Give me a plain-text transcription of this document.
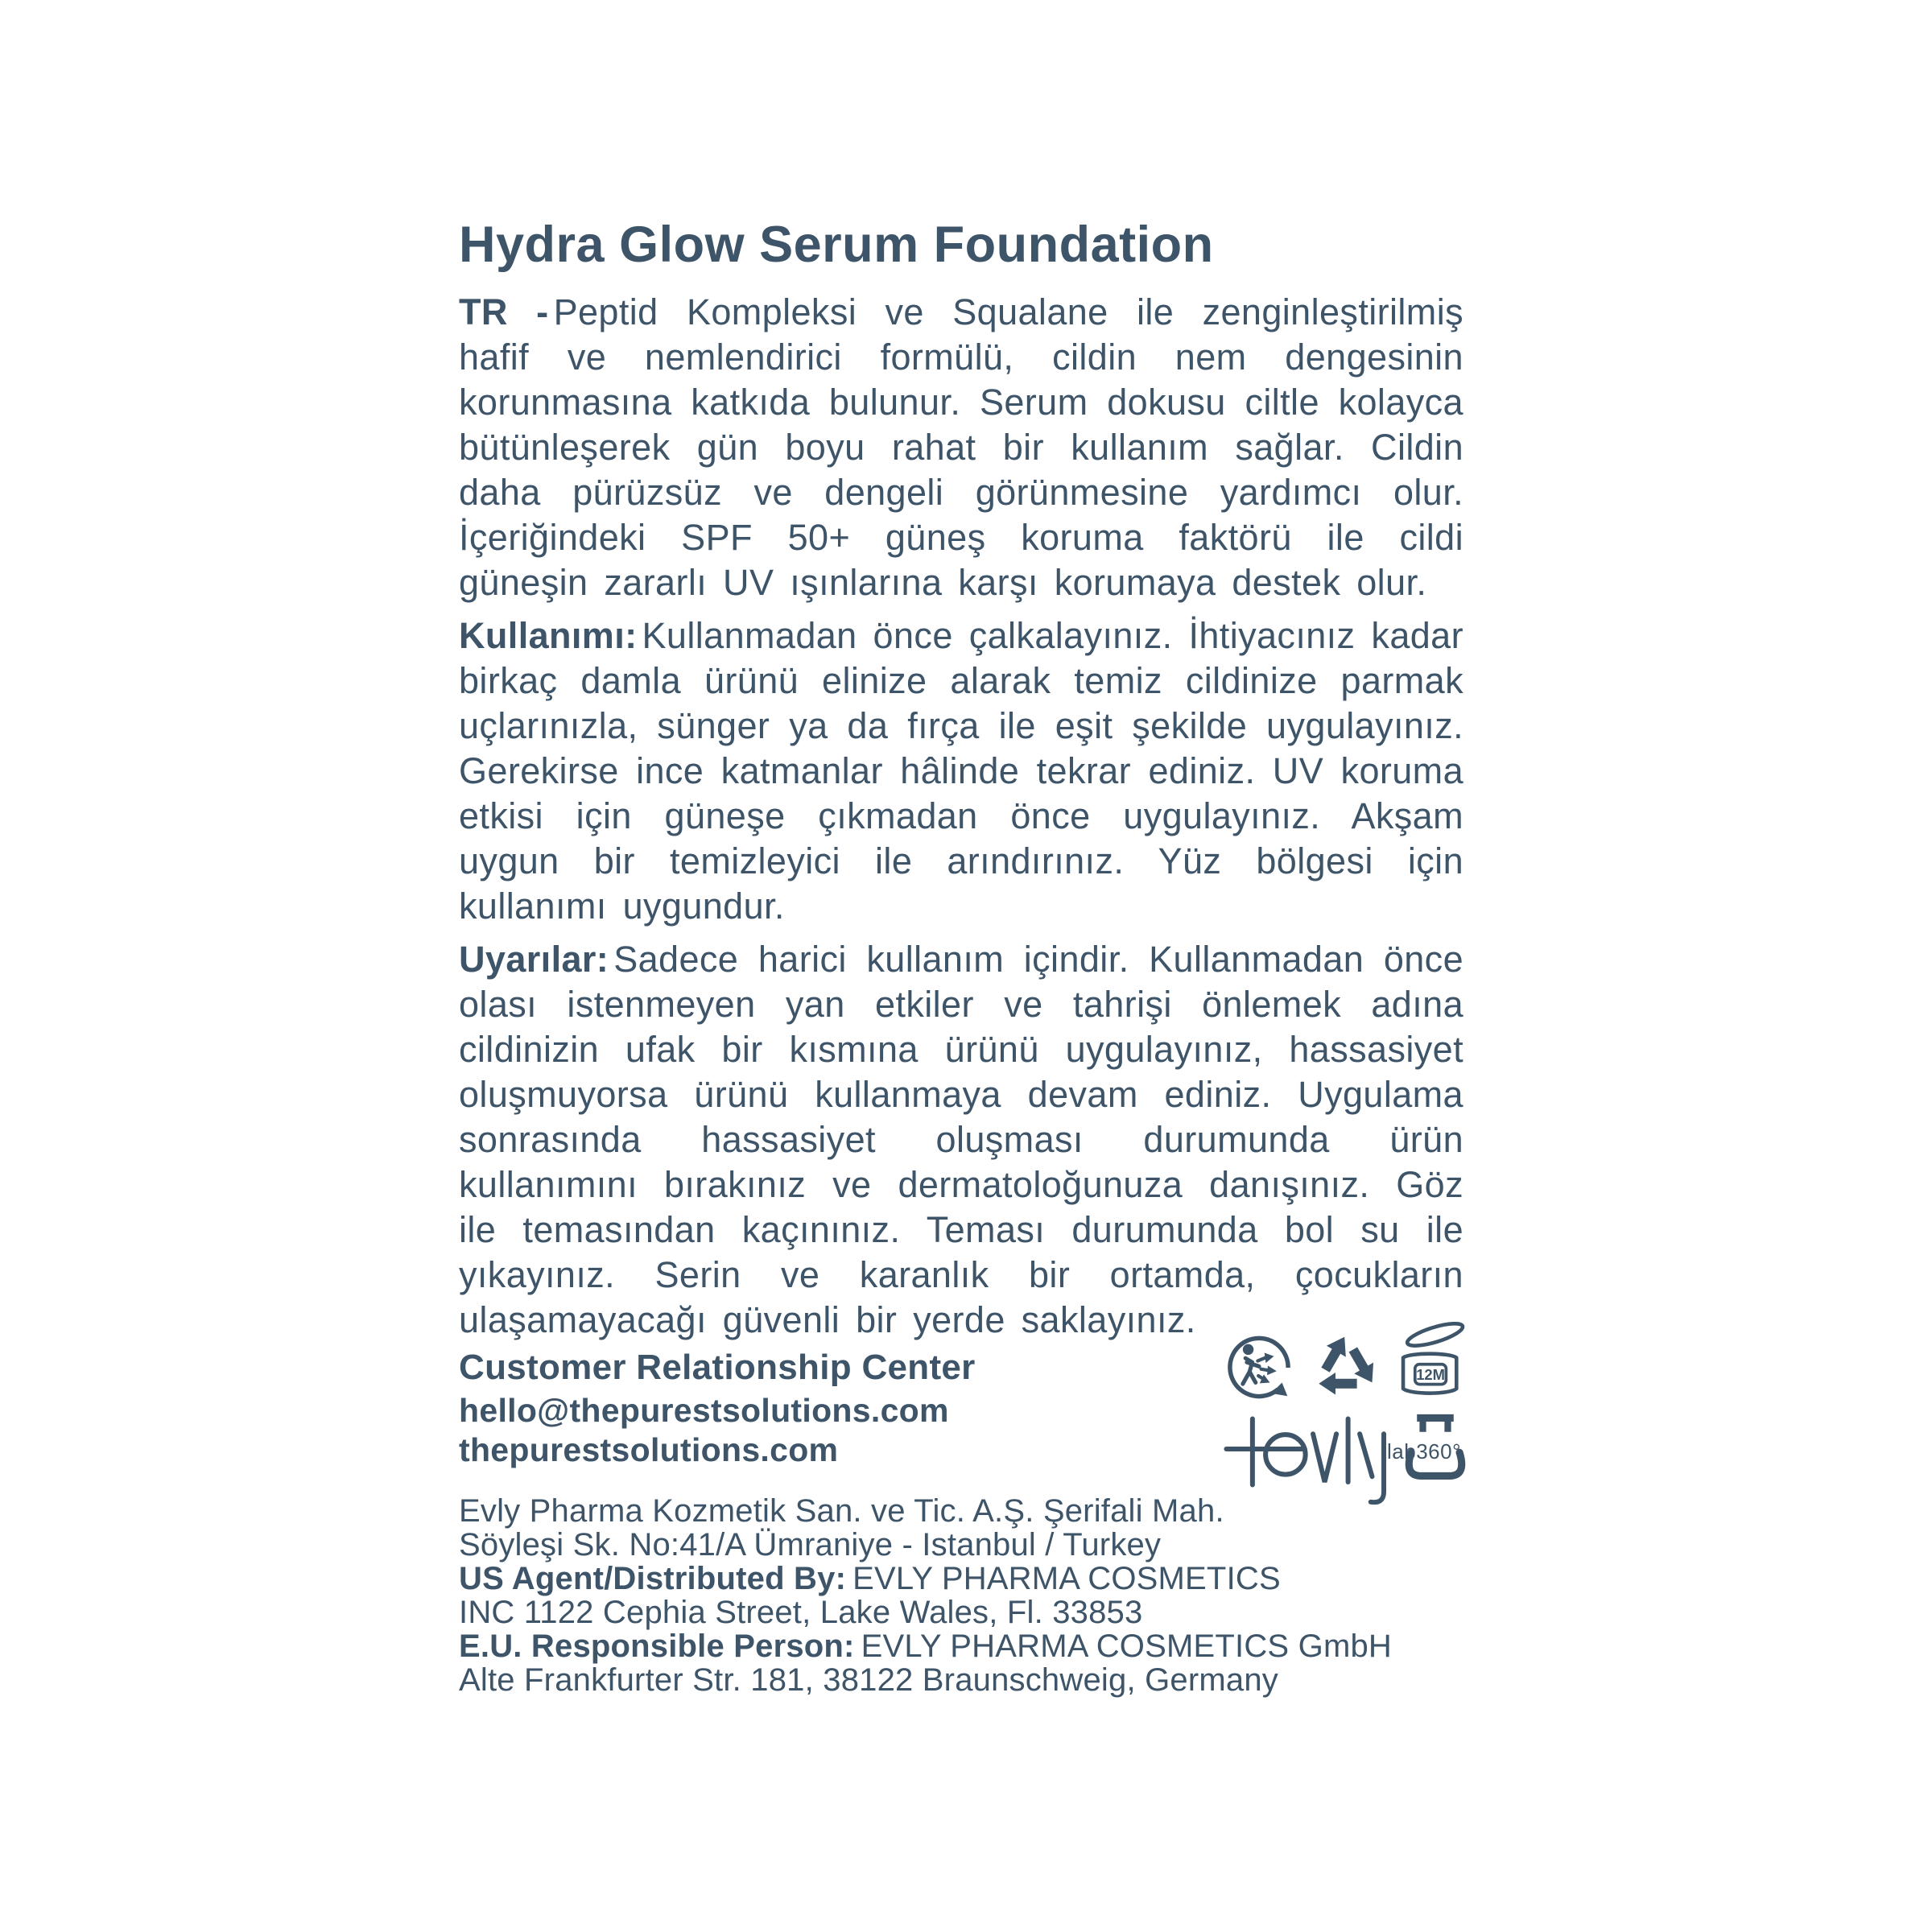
Hydra Glow Serum Foundation

TR - Peptid Kompleksi ve Squalane ile zenginleştirilmiş hafif ve nemlendirici formülü, cildin nem dengesinin korunmasına katkıda bulunur. Serum dokusu ciltle kolayca bütünleşerek gün boyu rahat bir kullanım sağlar. Cildin daha pürüzsüz ve dengeli görünmesine yardımcı olur. İçeriğindeki SPF 50+ güneş koruma faktörü ile cildi güneşin zararlı UV ışınlarına karşı korumaya destek olur.

Kullanımı: Kullanmadan önce çalkalayınız. İhtiyacınız kadar birkaç damla ürünü elinize alarak temiz cildinize parmak uçlarınızla, sünger ya da fırça ile eşit şekilde uygulayınız. Gerekirse ince katmanlar hâlinde tekrar ediniz. UV koruma etkisi için güneşe çıkmadan önce uygulayınız. Akşam uygun bir temizleyici ile arındırınız. Yüz bölgesi için kullanımı uygundur.

Uyarılar: Sadece harici kullanım içindir. Kullanmadan önce olası istenmeyen yan etkiler ve tahrişi önlemek adına cildinizin ufak bir kısmına ürünü uygulayınız, hassasiyet oluşmuyorsa ürünü kullanmaya devam ediniz. Uygulama sonrasında hassasiyet oluşması durumunda ürün kullanımını bırakınız ve dermatoloğunuza danışınız. Göz ile temasından kaçınınız. Teması durumunda bol su ile yıkayınız. Serin ve karanlık bir ortamda, çocukların ulaşamayacağı güvenli bir yerde saklayınız.

Customer Relationship Center
hello@thepurestsolutions.com
thepurestsolutions.com
12M
lab360°
Evly Pharma Kozmetik San. ve Tic. A.Ş. Şerifali Mah.
Söyleşi Sk. No:41/A Ümraniye - Istanbul / Turkey
US Agent/Distributed By: EVLY PHARMA COSMETICS
INC 1122 Cephia Street, Lake Wales, Fl. 33853
E.U. Responsible Person: EVLY PHARMA COSMETICS GmbH
Alte Frankfurter Str. 181, 38122 Braunschweig, Germany
